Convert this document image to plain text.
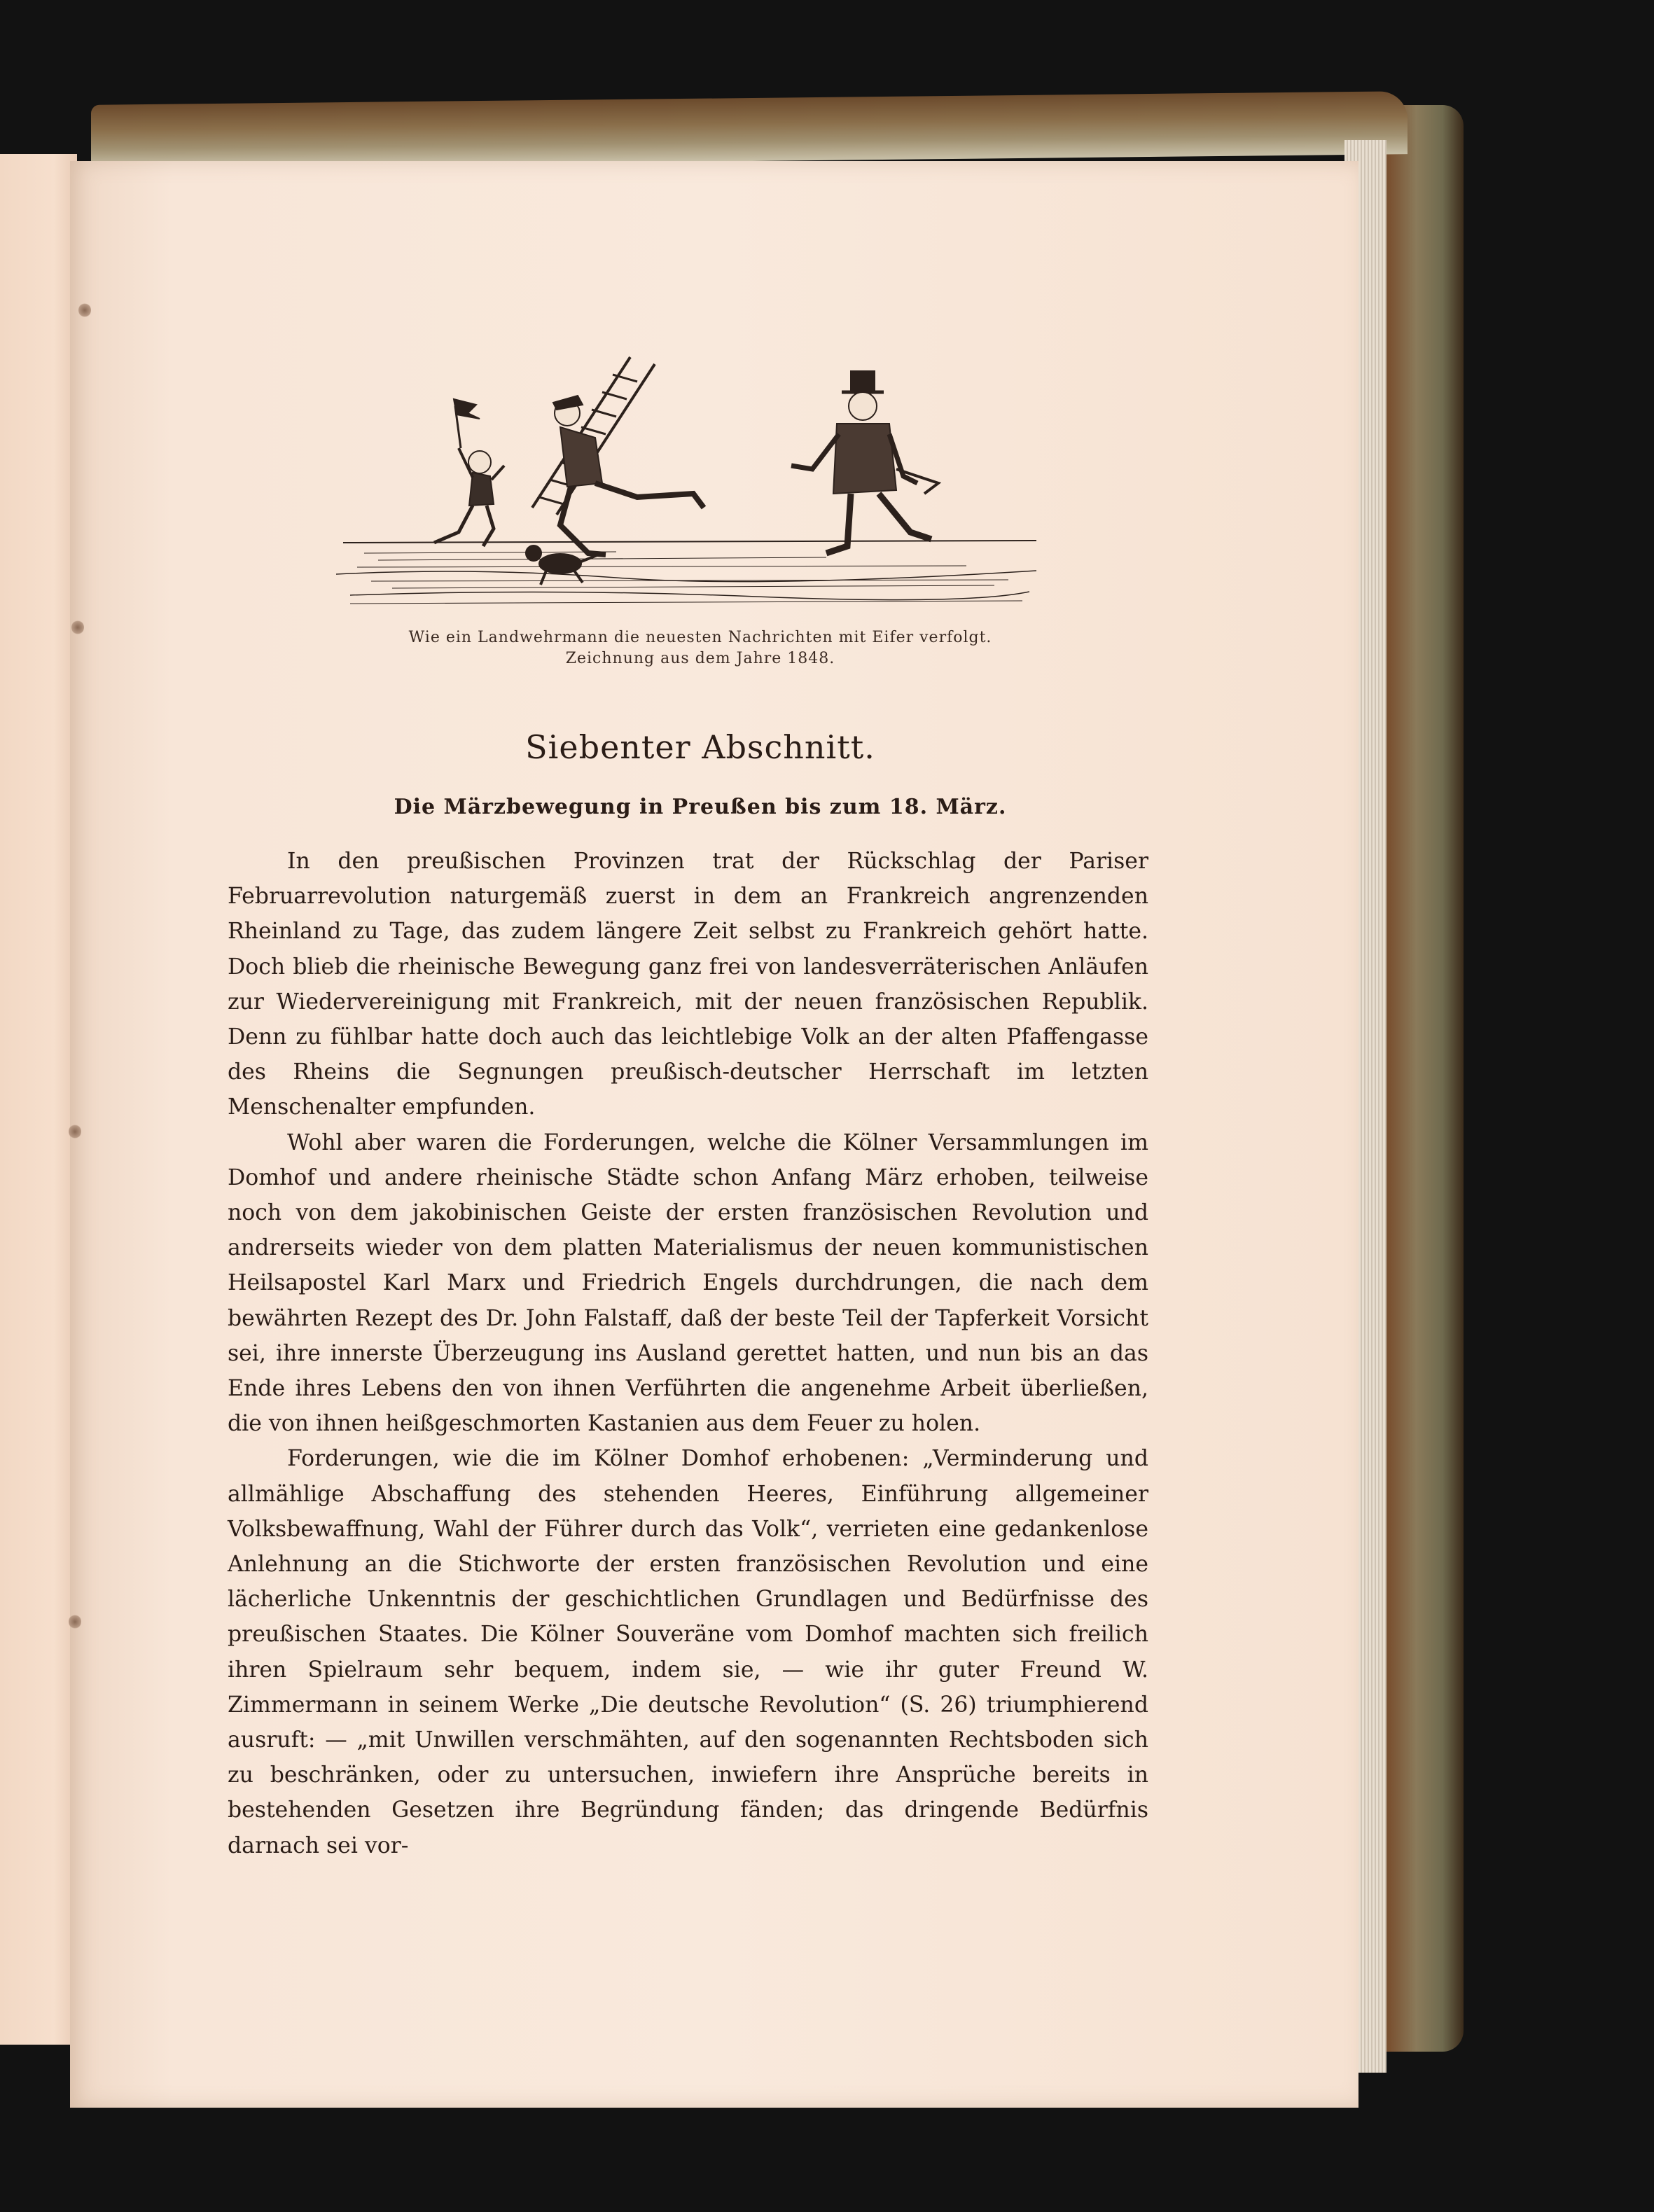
Wie ein Landwehrmann die neuesten Nachrichten mit Eifer verfolgt.
Zeichnung aus dem Jahre 1848.
Siebenter Abschnitt.
Die Märzbewegung in Preußen bis zum 18. März.

In den preußischen Provinzen trat der Rückschlag der Pariser Februarrevolution naturgemäß zuerst in dem an Frankreich angrenzenden Rheinland zu Tage, das zudem längere Zeit selbst zu Frankreich gehört hatte. Doch blieb die rheinische Bewegung ganz frei von landesverräterischen Anläufen zur Wiedervereinigung mit Frankreich, mit der neuen französischen Republik. Denn zu fühlbar hatte doch auch das leichtlebige Volk an der alten Pfaffengasse des Rheins die Segnungen preußisch-deutscher Herrschaft im letzten Menschenalter empfunden.

Wohl aber waren die Forderungen, welche die Kölner Versammlungen im Domhof und andere rheinische Städte schon Anfang März erhoben, teilweise noch von dem jakobinischen Geiste der ersten französischen Revolution und andrerseits wieder von dem platten Materialismus der neuen kommunistischen Heilsapostel Karl Marx und Friedrich Engels durchdrungen, die nach dem bewährten Rezept des Dr. John Falstaff, daß der beste Teil der Tapferkeit Vorsicht sei, ihre innerste Überzeugung ins Ausland gerettet hatten, und nun bis an das Ende ihres Lebens den von ihnen Verführten die angenehme Arbeit überließen, die von ihnen heißgeschmorten Kastanien aus dem Feuer zu holen.

Forderungen, wie die im Kölner Domhof erhobenen: „Verminderung und allmählige Abschaffung des stehenden Heeres, Einführung allgemeiner Volksbewaffnung, Wahl der Führer durch das Volk“, verrieten eine gedankenlose Anlehnung an die Stichworte der ersten französischen Revolution und eine lächerliche Unkenntnis der geschichtlichen Grundlagen und Bedürfnisse des preußischen Staates. Die Kölner Souveräne vom Domhof machten sich freilich ihren Spielraum sehr bequem, indem sie, — wie ihr guter Freund W. Zimmermann in seinem Werke „Die deutsche Revolution“ (S. 26) triumphierend ausruft: — „mit Unwillen verschmähten, auf den sogenannten Rechtsboden sich zu beschränken, oder zu untersuchen, inwiefern ihre Ansprüche bereits in bestehenden Gesetzen ihre Begründung fänden; das dringende Bedürfnis darnach sei vor-
